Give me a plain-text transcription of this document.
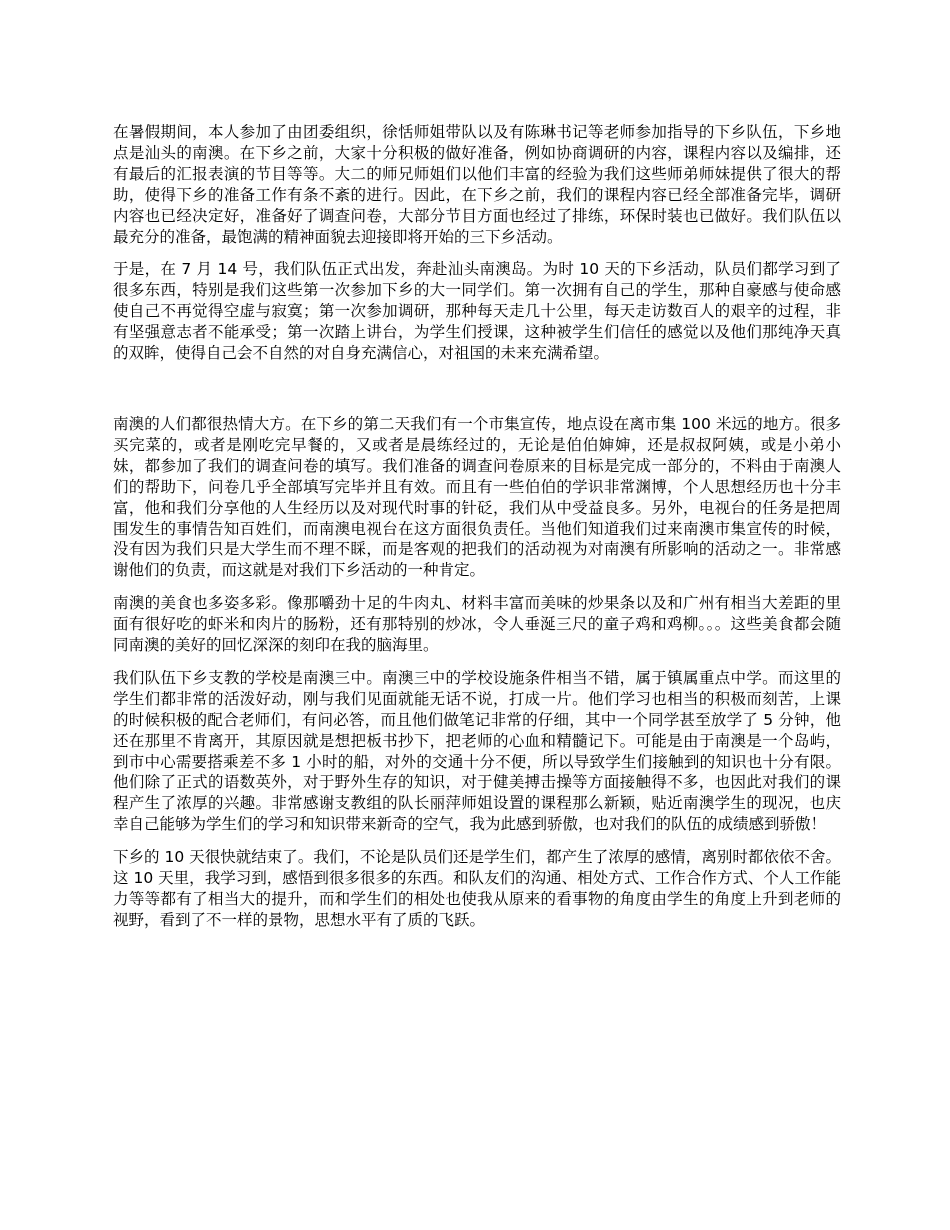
在暑假期间，本人参加了由团委组织，徐恬师姐带队以及有陈琳书记等老师参加指导的下乡队伍，下乡地点是汕头的南澳。在下乡之前，大家十分积极的做好准备，例如协商调研的内容，课程内容以及编排，还有最后的汇报表演的节目等等。大二的师兄师姐们以他们丰富的经验为我们这些师弟师妹提供了很大的帮助，使得下乡的准备工作有条不紊的进行。因此，在下乡之前，我们的课程内容已经全部准备完毕，调研内容也已经决定好，准备好了调查问卷，大部分节目方面也经过了排练，环保时装也已做好。我们队伍以最充分的准备，最饱满的精神面貌去迎接即将开始的三下乡活动。

于是，在 7 月 14 号，我们队伍正式出发，奔赴汕头南澳岛。为时 10 天的下乡活动，队员们都学习到了很多东西，特别是我们这些第一次参加下乡的大一同学们。第一次拥有自己的学生，那种自豪感与使命感使自己不再觉得空虚与寂寞；第一次参加调研，那种每天走几十公里，每天走访数百人的艰辛的过程，非有坚强意志者不能承受；第一次踏上讲台，为学生们授课，这种被学生们信任的感觉以及他们那纯净天真的双眸，使得自己会不自然的对自身充满信心，对祖国的未来充满希望。

南澳的人们都很热情大方。在下乡的第二天我们有一个市集宣传，地点设在离市集 100 米远的地方。很多买完菜的，或者是刚吃完早餐的，又或者是晨练经过的，无论是伯伯婶婶，还是叔叔阿姨，或是小弟小妹，都参加了我们的调查问卷的填写。我们准备的调查问卷原来的目标是完成一部分的，不料由于南澳人们的帮助下，问卷几乎全部填写完毕并且有效。而且有一些伯伯的学识非常渊博，个人思想经历也十分丰富，他和我们分享他的人生经历以及对现代时事的针砭，我们从中受益良多。另外，电视台的任务是把周围发生的事情告知百姓们，而南澳电视台在这方面很负责任。当他们知道我们过来南澳市集宣传的时候，没有因为我们只是大学生而不理不睬，而是客观的把我们的活动视为对南澳有所影响的活动之一。非常感谢他们的负责，而这就是对我们下乡活动的一种肯定。

南澳的美食也多姿多彩。像那嚼劲十足的牛肉丸、材料丰富而美味的炒果条以及和广州有相当大差距的里面有很好吃的虾米和肉片的肠粉，还有那特别的炒冰，令人垂涎三尺的童子鸡和鸡柳。。。这些美食都会随同南澳的美好的回忆深深的刻印在我的脑海里。

我们队伍下乡支教的学校是南澳三中。南澳三中的学校设施条件相当不错，属于镇属重点中学。而这里的学生们都非常的活泼好动，刚与我们见面就能无话不说，打成一片。他们学习也相当的积极而刻苦，上课的时候积极的配合老师们，有问必答，而且他们做笔记非常的仔细，其中一个同学甚至放学了 5 分钟，他还在那里不肯离开，其原因就是想把板书抄下，把老师的心血和精髓记下。可能是由于南澳是一个岛屿，到市中心需要搭乘差不多 1 小时的船，对外的交通十分不便，所以导致学生们接触到的知识也十分有限。他们除了正式的语数英外，对于野外生存的知识，对于健美搏击操等方面接触得不多，也因此对我们的课程产生了浓厚的兴趣。非常感谢支教组的队长丽萍师姐设置的课程那么新颖，贴近南澳学生的现况，也庆幸自己能够为学生们的学习和知识带来新奇的空气，我为此感到骄傲，也对我们的队伍的成绩感到骄傲！

下乡的 10 天很快就结束了。我们，不论是队员们还是学生们，都产生了浓厚的感情，离别时都依依不舍。这 10 天里，我学习到，感悟到很多很多的东西。和队友们的沟通、相处方式、工作合作方式、个人工作能力等等都有了相当大的提升，而和学生们的相处也使我从原来的看事物的角度由学生的角度上升到老师的视野，看到了不一样的景物，思想水平有了质的飞跃。
